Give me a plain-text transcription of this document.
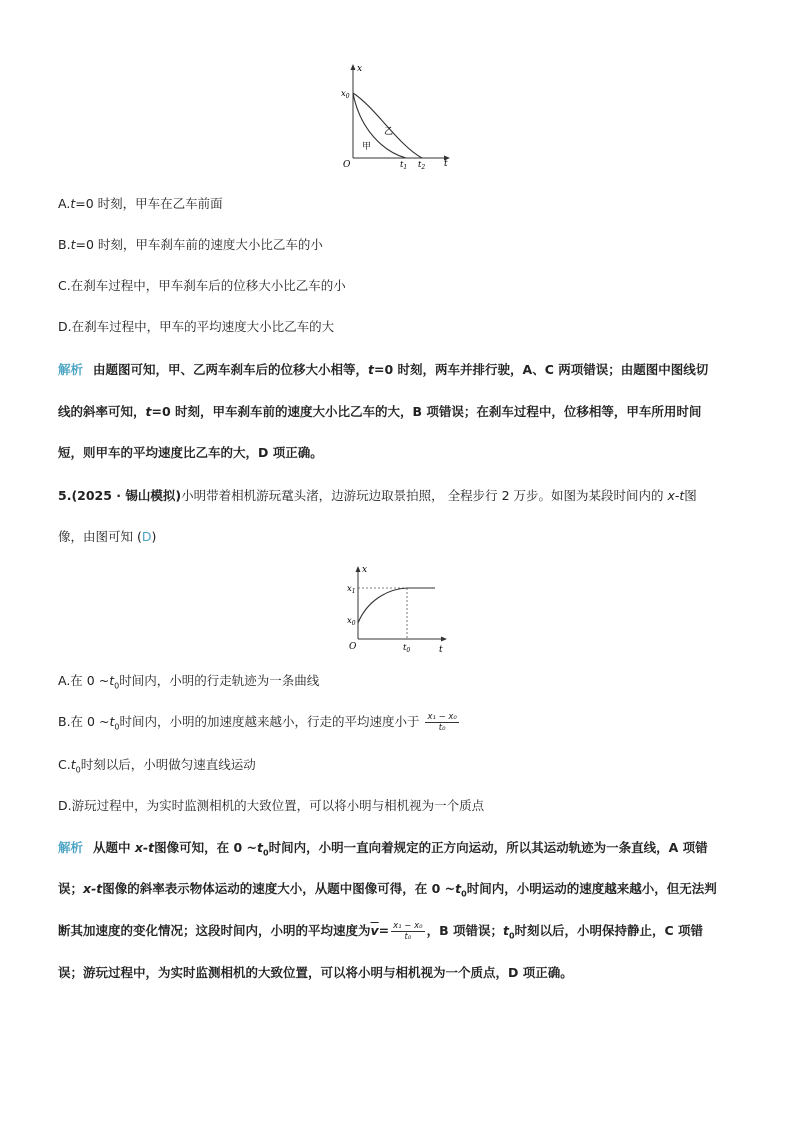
x
t
O
$x_0$
$t_1$ $t_2$
甲
乙
A.t=0 时刻，甲车在乙车前面
B.t=0 时刻，甲车刹车前的速度大小比乙车的小
C.在刹车过程中，甲车刹车后的位移大小比乙车的小
D.在刹车过程中，甲车的平均速度大小比乙车的大
解析 由题图可知，甲、乙两车刹车后的位移大小相等，t=0 时刻，两车并排行驶，A、C 两项错误；由题图中图线切
线的斜率可知，t=0 时刻，甲车刹车前的速度大小比乙车的大，B 项错误；在刹车过程中，位移相等，甲车所用时间
短，则甲车的平均速度比乙车的大，D 项正确。
5.(2025 · 锡山模拟)小明带着相机游玩鼋头渚，边游玩边取景拍照， 全程步行 2 万步。如图为某段时间内的 x-t图
像，由图可知 (D)
x
t
O
$x_1$
$x_0$
$t_0$
A.在 0 $\sim t_0$时间内，小明的行走轨迹为一条曲线
B.在 0 $\sim t_0$时间内，小明的加速度越来越小，行走的平均速度小于 $\frac{\text{x₁ − x₀}}{\text{t₀}}$
$C.t_0$时刻以后，小明做匀速直线运动
D.游玩过程中，为实时监测相机的大致位置，可以将小明与相机视为一个质点
解析 从题中 x-t图像可知，在 0 $\sim t_0$时间内，小明一直向着规定的正方向运动，所以其运动轨迹为一条直线，A 项错
误；x-t图像的斜率表示物体运动的速度大小，从题中图像可得，在 0 $\sim t_0$时间内，小明运动的速度越来越小，但无法判
断其加速度的变化情况；这段时间内，小明的平均速度为$\overline{v}= \frac{\text{x₁ − x₀}}{\text{t₀}}$ ，B 项错误；$t_0$时刻以后，小明保持静止，C 项错
误；游玩过程中，为实时监测相机的大致位置，可以将小明与相机视为一个质点，D 项正确。
